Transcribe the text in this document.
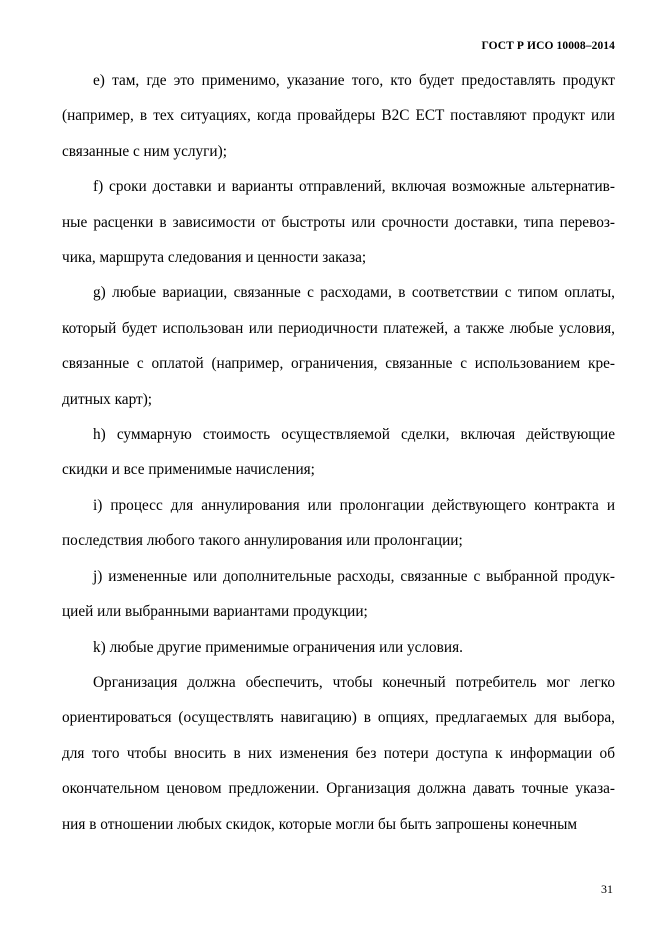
ГОСТ Р ИСО 10008–2014

e) там, где это применимо, указание того, кто будет предоставлять продукт (например, в тех ситуациях, когда провайдеры B2C ECT поставляют продукт или связанные с ним услуги);

f) сроки доставки и варианты отправлений, включая возможные альтернатив-ные расценки в зависимости от быстроты или срочности доставки, типа перевоз-чика, маршрута следования и ценности заказа;

g) любые вариации, связанные с расходами, в соответствии с типом оплаты, который будет использован или периодичности платежей, а также любые условия, связанные с оплатой (например, ограничения, связанные с использованием кре-дитных карт);

h) суммарную стоимость осуществляемой сделки, включая действующие скидки и все применимые начисления;

i) процесс для аннулирования или пролонгации действующего контракта и последствия любого такого аннулирования или пролонгации;

j) измененные или дополнительные расходы, связанные с выбранной продук-цией или выбранными вариантами продукции;

k) любые другие применимые ограничения или условия.

Организация должна обеспечить, чтобы конечный потребитель мог легко ориентироваться (осуществлять навигацию) в опциях, предлагаемых для выбора, для того чтобы вносить в них изменения без потери доступа к информации об окончательном ценовом предложении. Организация должна давать точные указа-ния в отношении любых скидок, которые могли бы быть запрошены конечным

31
